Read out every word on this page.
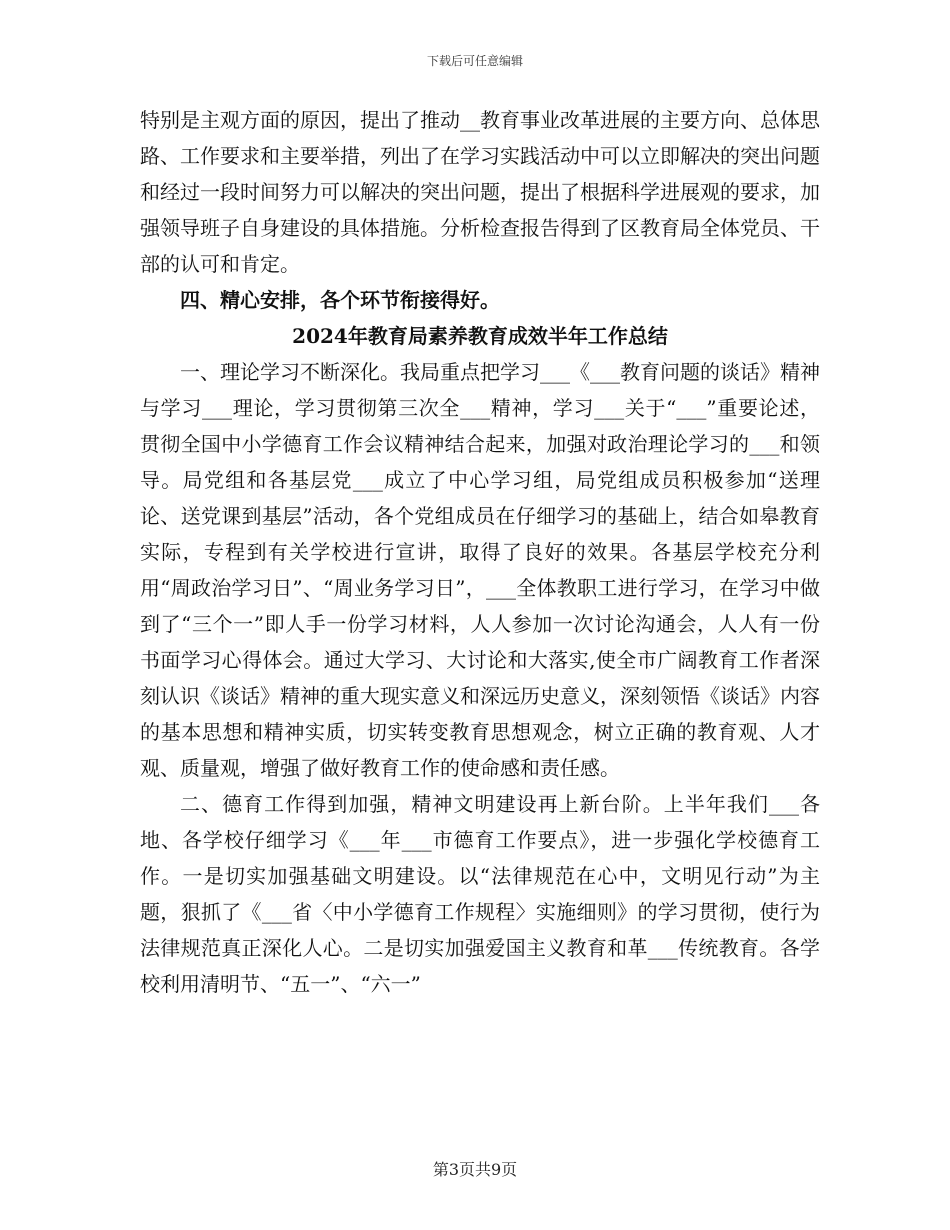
下载后可任意编辑

特别是主观方面的原因，提出了推动__教育事业改革进展的主要方向、总体思路、工作要求和主要举措，列出了在学习实践活动中可以立即解决的突出问题和经过一段时间努力可以解决的突出问题，提出了根据科学进展观的要求，加强领导班子自身建设的具体措施。分析检查报告得到了区教育局全体党员、干部的认可和肯定。

四、精心安排，各个环节衔接得好。

2024年教育局素养教育成效半年工作总结

一、理论学习不断深化。我局重点把学习___《___教育问题的谈话》精神与学习___理论，学习贯彻第三次全___精神，学习___关于“___”重要论述，贯彻全国中小学德育工作会议精神结合起来，加强对政治理论学习的___和领导。局党组和各基层党___成立了中心学习组，局党组成员积极参加“送理论、送党课到基层”活动，各个党组成员在仔细学习的基础上，结合如皋教育实际，专程到有关学校进行宣讲，取得了良好的效果。各基层学校充分利用“周政治学习日”、“周业务学习日”，___全体教职工进行学习，在学习中做到了“三个一”即人手一份学习材料，人人参加一次讨论沟通会，人人有一份书面学习心得体会。通过大学习、大讨论和大落实,使全市广阔教育工作者深刻认识《谈话》精神的重大现实意义和深远历史意义，深刻领悟《谈话》内容的基本思想和精神实质，切实转变教育思想观念，树立正确的教育观、人才观、质量观，增强了做好教育工作的使命感和责任感。

二、德育工作得到加强，精神文明建设再上新台阶。上半年我们___各地、各学校仔细学习《___年___市德育工作要点》，进一步强化学校德育工作。一是切实加强基础文明建设。以“法律规范在心中，文明见行动”为主题，狠抓了《___省〈中小学德育工作规程〉实施细则》的学习贯彻，使行为法律规范真正深化人心。二是切实加强爱国主义教育和革___传统教育。各学校利用清明节、“五一”、“六一”

第3页共9页
